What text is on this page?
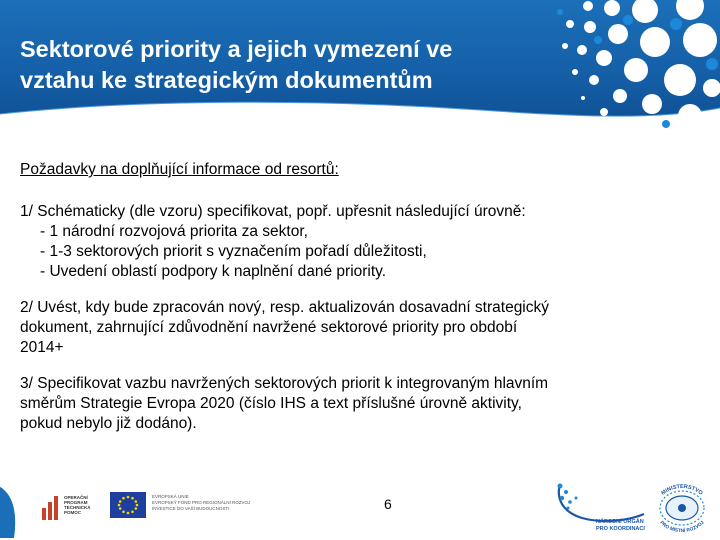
Sektorové priority a jejich vymezení ve
vztahu ke strategickým dokumentům
Požadavky na doplňující informace od resortů:
1/ Schématicky (dle vzoru) specifikovat, popř. upřesnit následující úrovně:
- 1 národní rozvojová priorita za sektor,
- 1-3 sektorových priorit s vyznačením pořadí důležitosti,
- Uvedení oblastí podpory k naplnění dané priority.
2/ Uvést, kdy bude zpracován nový, resp. aktualizován dosavadní strategický
dokument, zahrnující zdůvodnění navržené sektorové priority pro období
2014+
3/ Specifikovat vazbu navržených sektorových priorit k integrovaným hlavním
směrům Strategie Evropa 2020 (číslo IHS a text příslušné úrovně aktivity,
pokud nebylo již dodáno).
OPERAČNÍ
PROGRAM
TECHNICKÁ
POMOC
EVROPSKÁ UNIE
EVROPSKÝ FOND PRO REGIONÁLNÍ ROZVOJ
INVESTICE DO VAŠÍ BUDOUCNOSTI	6
NÁRODNÍ ORGÁN
PRO KOORDINACI
MINISTERSTVO
PRO MÍSTNÍ ROZVOJ
